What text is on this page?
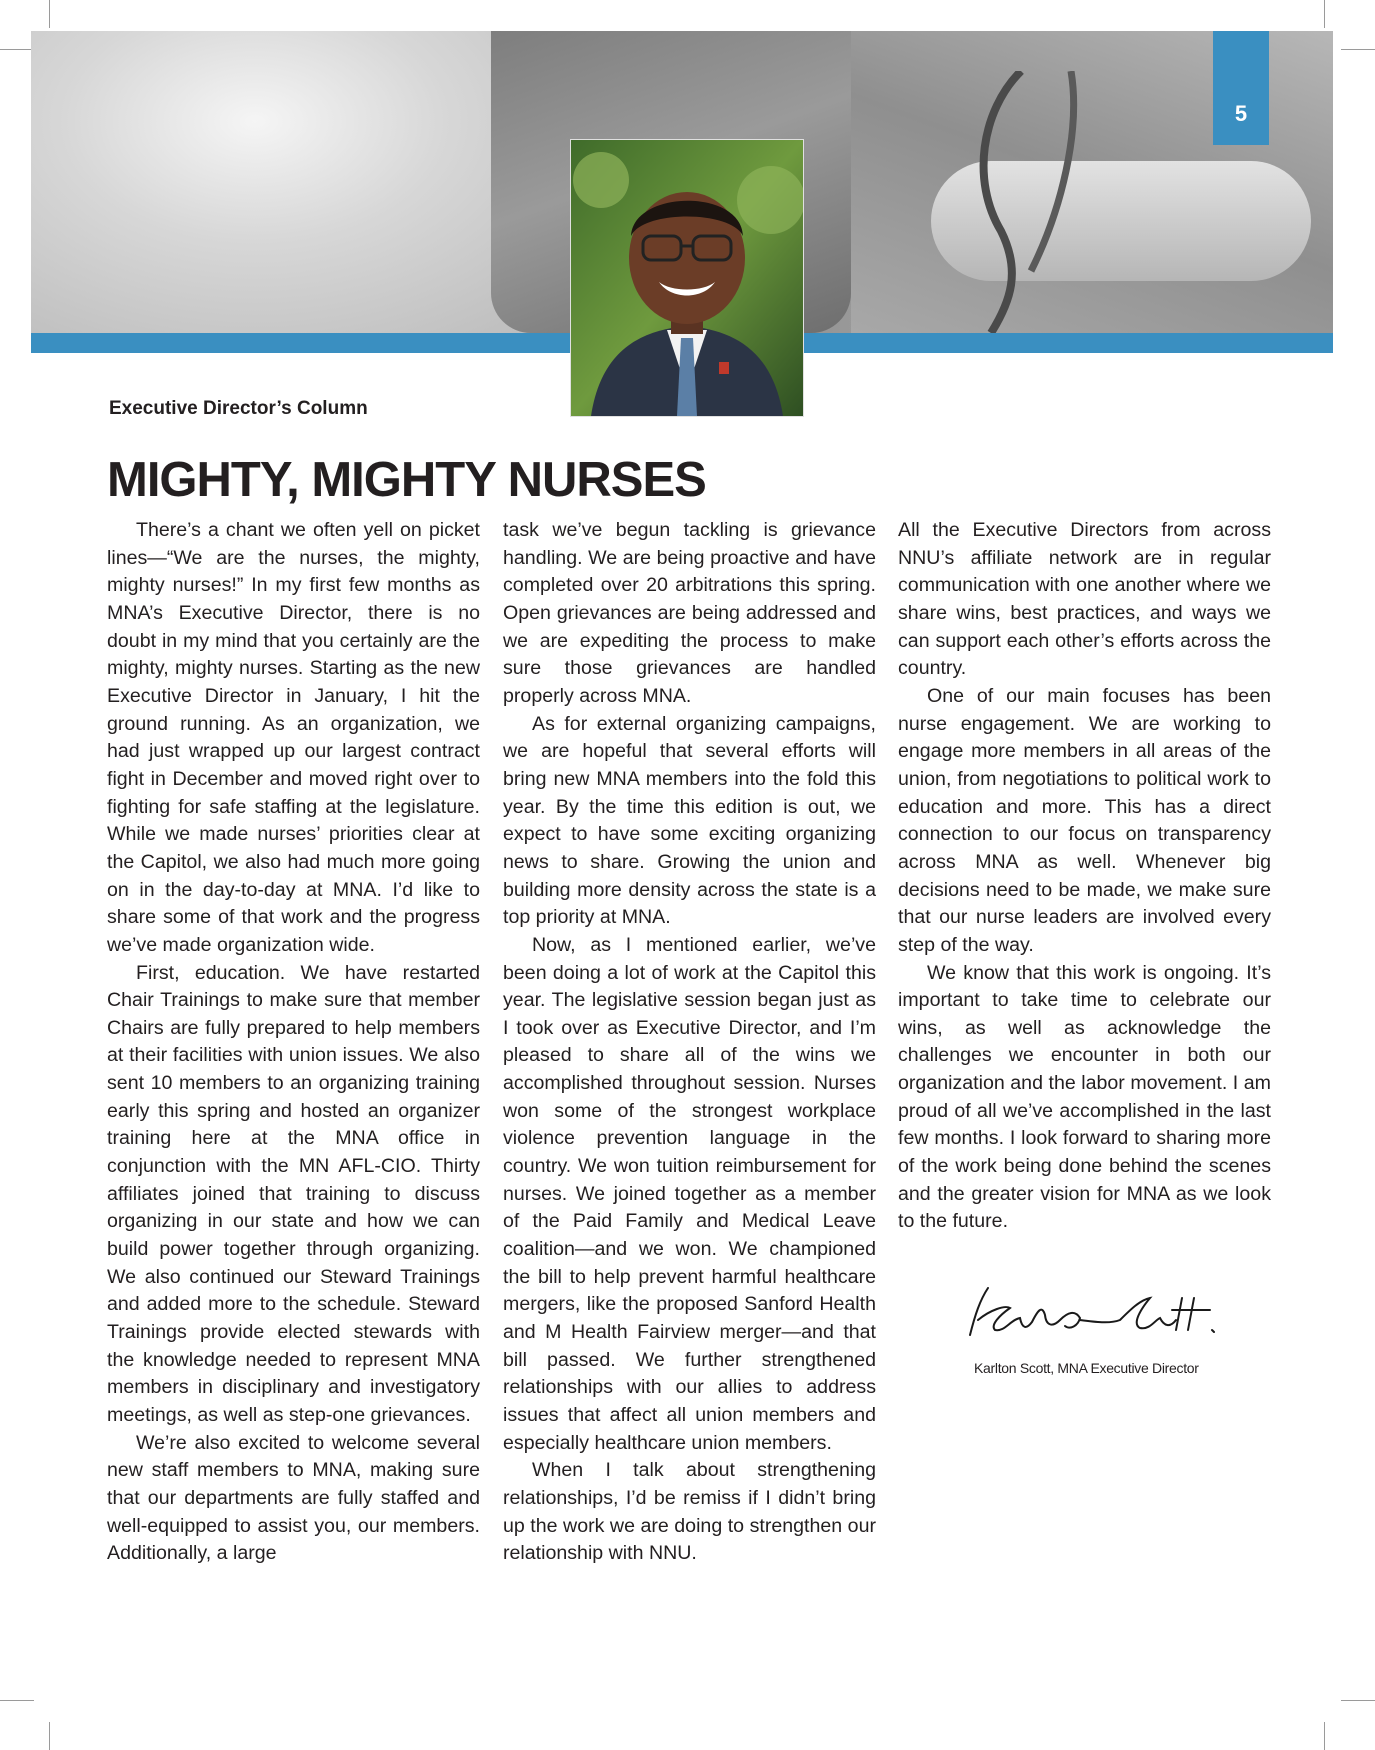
5
Executive Director’s Column
MIGHTY, MIGHTY NURSES

There’s a chant we often yell on picket lines—“We are the nurses, the mighty, mighty nurses!” In my first few months as MNA’s Executive Director, there is no doubt in my mind that you certainly are the mighty, mighty nurses. Starting as the new Executive Director in January, I hit the ground running. As an organization, we had just wrapped up our largest contract fight in December and moved right over to fighting for safe staffing at the legislature. While we made nurses’ priorities clear at the Capitol, we also had much more going on in the day-to-day at MNA. I’d like to share some of that work and the progress we’ve made organization wide.

First, education. We have restarted Chair Trainings to make sure that member Chairs are fully prepared to help members at their facilities with union issues. We also sent 10 members to an organizing training early this spring and hosted an organizer training here at the MNA office in conjunction with the MN AFL-CIO. Thirty affiliates joined that training to discuss organizing in our state and how we can build power together through organizing. We also continued our Steward Trainings and added more to the schedule. Steward Trainings provide elected stewards with the knowledge needed to represent MNA members in disciplinary and investigatory meetings, as well as step-one grievances.

We’re also excited to welcome several new staff members to MNA, making sure that our departments are fully staffed and well-equipped to assist you, our members. Additionally, a large

task we’ve begun tackling is grievance handling. We are being proactive and have completed over 20 arbitrations this spring. Open grievances are being addressed and we are expediting the process to make sure those grievances are handled properly across MNA.

As for external organizing campaigns, we are hopeful that several efforts will bring new MNA members into the fold this year. By the time this edition is out, we expect to have some exciting organizing news to share. Growing the union and building more density across the state is a top priority at MNA.

Now, as I mentioned earlier, we’ve been doing a lot of work at the Capitol this year. The legislative session began just as I took over as Executive Director, and I’m pleased to share all of the wins we accomplished throughout session. Nurses won some of the strongest workplace violence prevention language in the country. We won tuition reimbursement for nurses. We joined together as a member of the Paid Family and Medical Leave coalition—and we won. We championed the bill to help prevent harmful healthcare mergers, like the proposed Sanford Health and M Health Fairview merger—and that bill passed. We further strengthened relationships with our allies to address issues that affect all union members and especially healthcare union members.

When I talk about strengthening relationships, I’d be remiss if I didn’t bring up the work we are doing to strengthen our relationship with NNU.

All the Executive Directors from across NNU’s affiliate network are in regular communication with one another where we share wins, best practices, and ways we can support each other’s efforts across the country.

One of our main focuses has been nurse engagement. We are working to engage more members in all areas of the union, from negotiations to political work to education and more. This has a direct connection to our focus on transparency across MNA as well. Whenever big decisions need to be made, we make sure that our nurse leaders are involved every step of the way.

We know that this work is ongoing. It’s important to take time to celebrate our wins, as well as acknowledge the challenges we encounter in both our organization and the labor movement. I am proud of all we’ve accomplished in the last few months. I look forward to sharing more of the work being done behind the scenes and the greater vision for MNA as we look to the future.

Karlton Scott, MNA Executive Director
